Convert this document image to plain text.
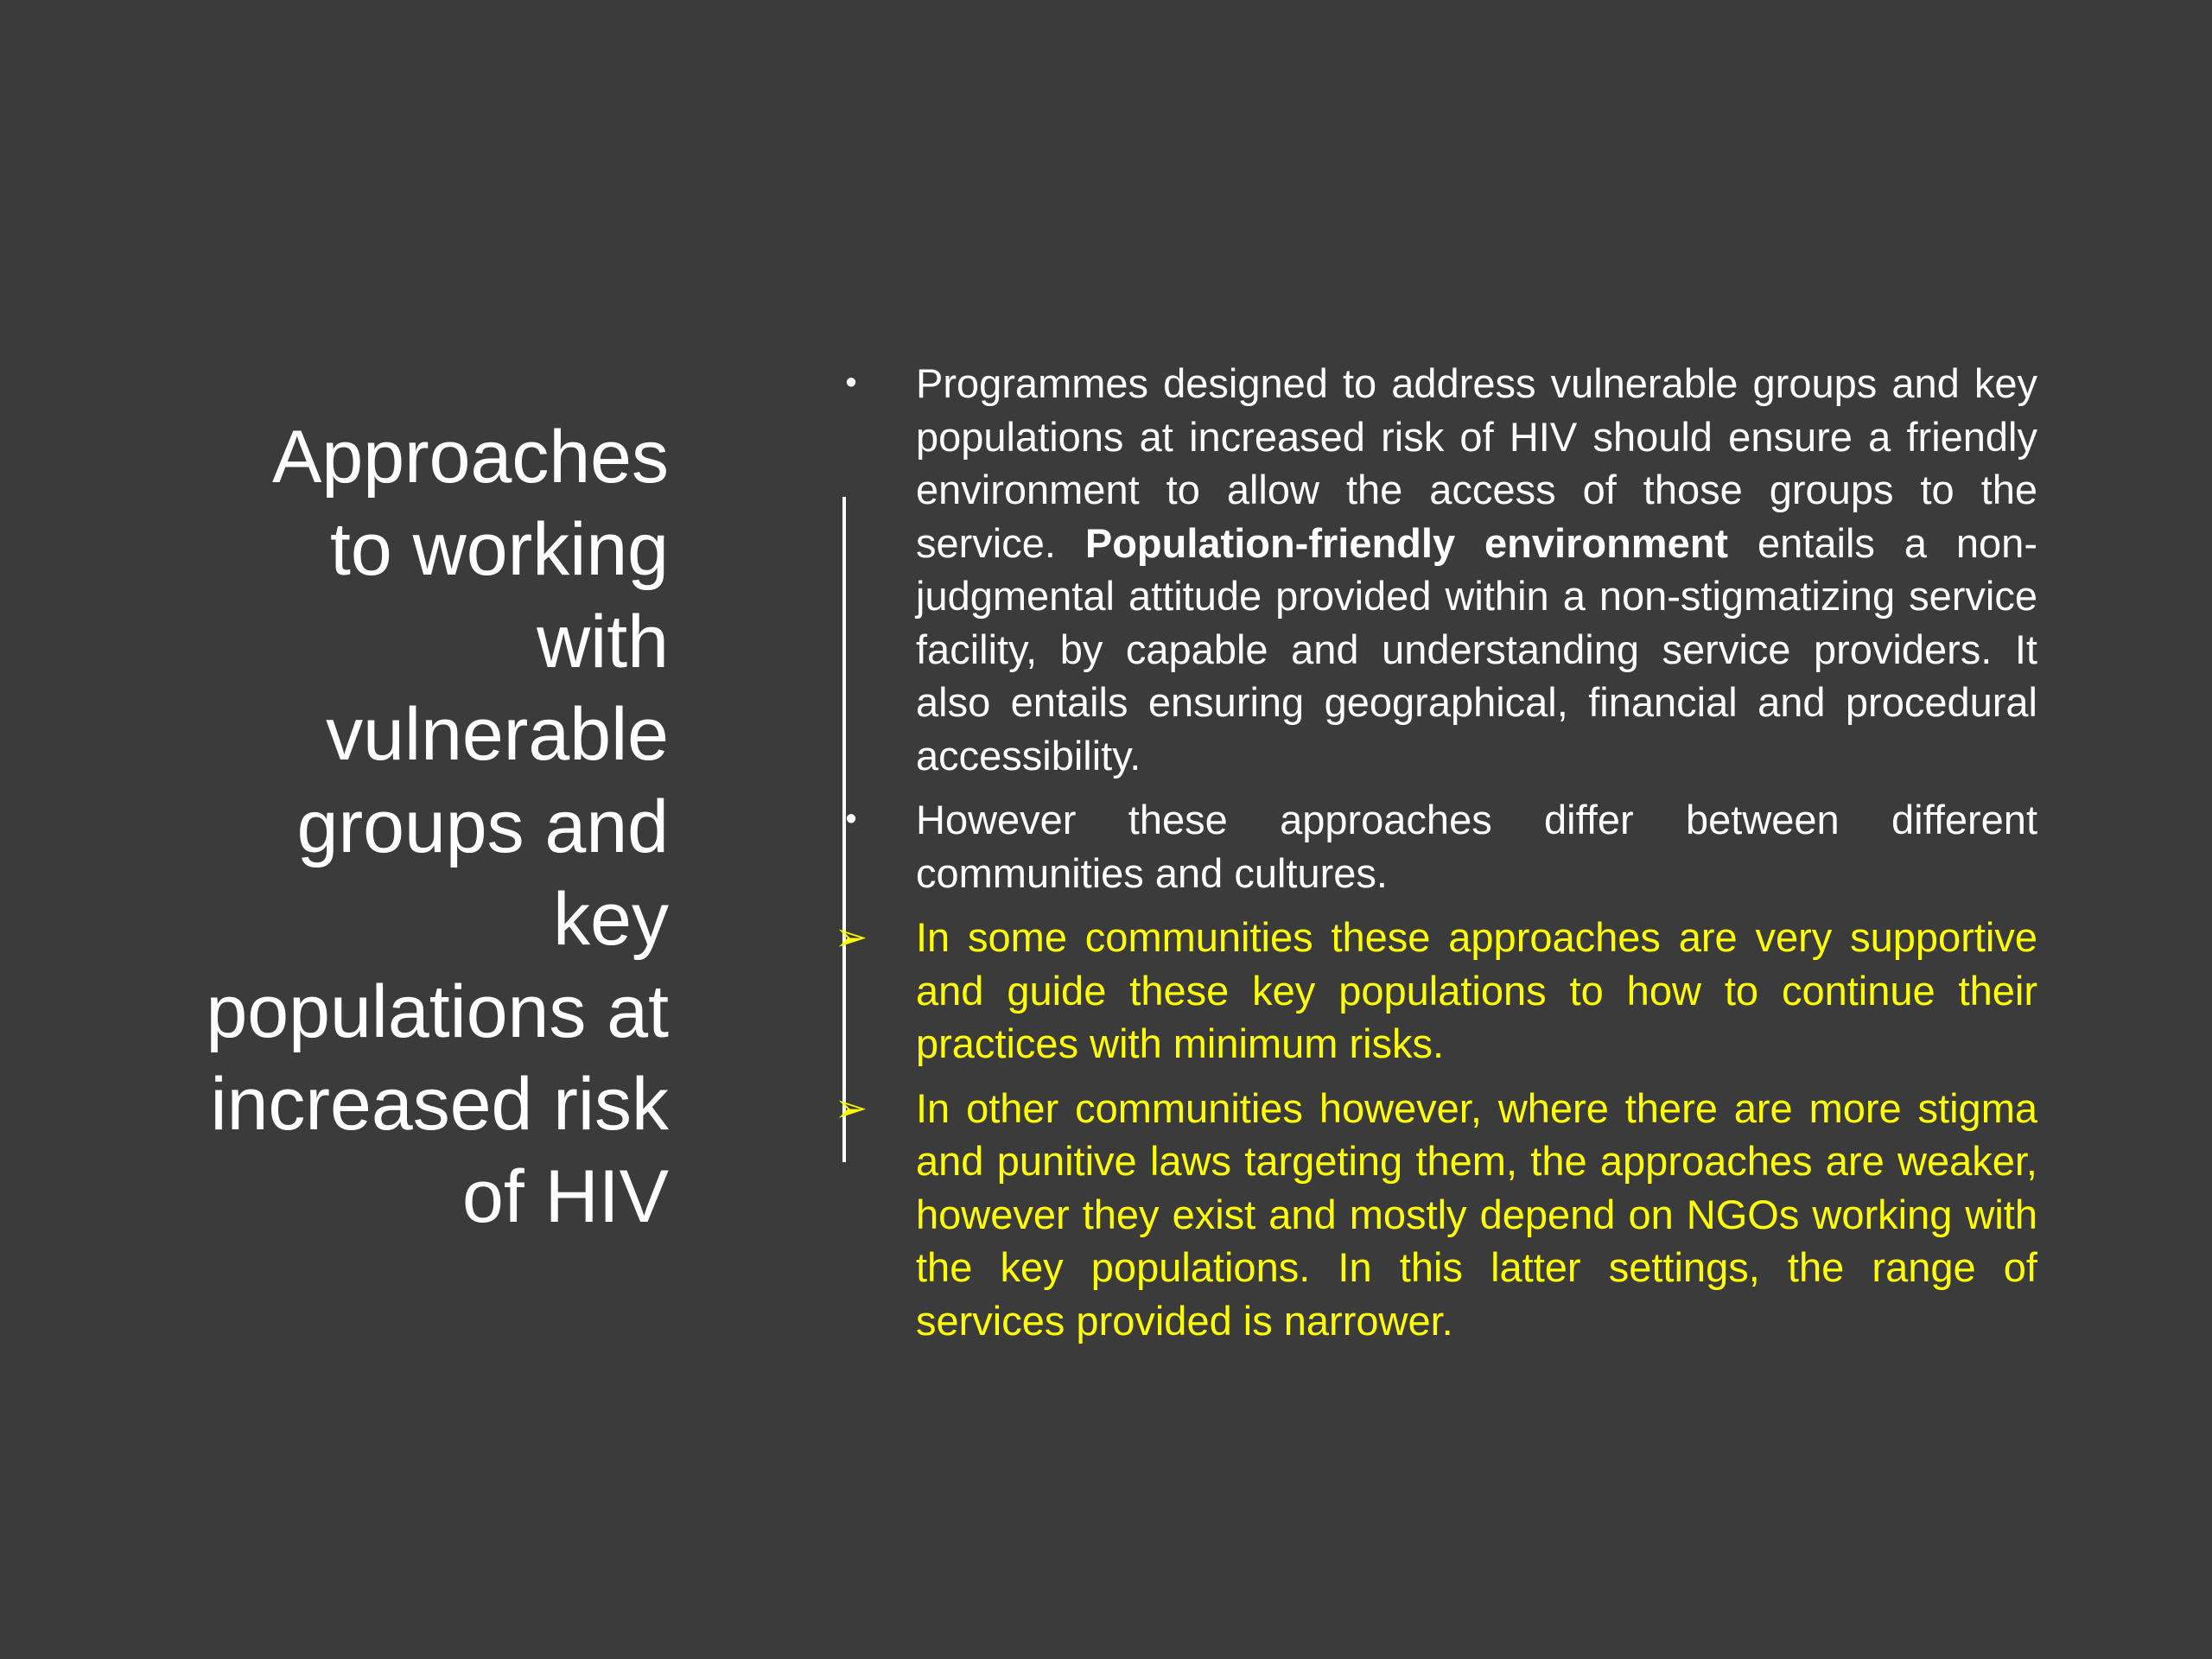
Approaches to working with vulnerable groups and key populations at increased risk of HIV

•	Programmes designed to address vulnerable groups and key populations at increased risk of HIV should ensure a friendly environment to allow the access of those groups to the service. Population-friendly environment entails a non-judgmental attitude provided within a non-stigmatizing service facility, by capable and understanding service providers. It also entails ensuring geographical, financial and procedural accessibility.

•	However these approaches differ between different communities and cultures.

➢ In some communities these approaches are very supportive and guide these key populations to how to continue their practices with minimum risks.

➢ In other communities however, where there are more stigma and punitive laws targeting them, the approaches are weaker, however they exist and mostly depend on NGOs working with the key populations. In this latter settings, the range of services provided is narrower.
